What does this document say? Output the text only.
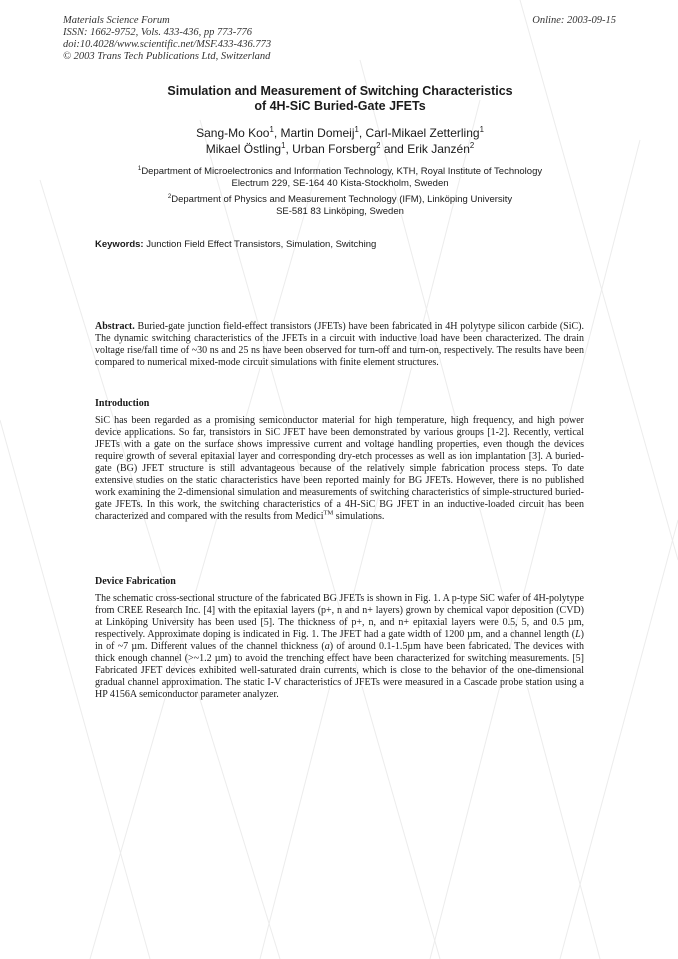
Materials Science Forum
ISSN: 1662-9752, Vols. 433-436, pp 773-776
doi:10.4028/www.scientific.net/MSF.433-436.773
© 2003 Trans Tech Publications Ltd, Switzerland
Online: 2003-09-15
Simulation and Measurement of Switching Characteristics
of 4H-SiC Buried-Gate JFETs
Sang-Mo Koo$^1$, Martin Domeij$^1$, Carl-Mikael Zetterling$^1$
Mikael Östling$^1$, Urban Forsberg$^2$ and Erik Janzén$^2$
$^1$Department of Microelectronics and Information Technology, KTH, Royal Institute of Technology
Electrum 229, SE-164 40 Kista-Stockholm, Sweden
$^2$Department of Physics and Measurement Technology (IFM), Linköping University
SE-581 83 Linköping, Sweden
Keywords: Junction Field Effect Transistors, Simulation, Switching
Abstract. Buried-gate junction field-effect transistors (JFETs) have been fabricated in 4H polytype silicon carbide (SiC). The dynamic switching characteristics of the JFETs in a circuit with inductive load have been characterized. The drain voltage rise/fall time of ~30 ns and 25 ns have been observed for turn-off and turn-on, respectively. The results have been compared to numerical mixed-mode circuit simulations with finite element structures.
Introduction
SiC has been regarded as a promising semiconductor material for high temperature, high frequency, and high power device applications. So far, transistors in SiC JFET have been demonstrated by various groups [1-2]. Recently, vertical JFETs with a gate on the surface shows impressive current and voltage handling properties, even though the devices require growth of several epitaxial layer and corresponding dry-etch processes as well as ion implantation [3]. A buried-gate (BG) JFET structure is still advantageous because of the relatively simple fabrication process steps. To date extensive studies on the static characteristics have been reported mainly for BG JFETs. However, there is no published work examining the 2-dimensional simulation and measurements of switching characteristics of simple-structured buried-gate JFETs. In this work, the switching characteristics of a 4H-SiC BG JFET in an inductive-loaded circuit has been characterized and compared with the results from Medici™ simulations.
Device Fabrication
The schematic cross-sectional structure of the fabricated BG JFETs is shown in Fig. 1. A p-type SiC wafer of 4H-polytype from CREE Research Inc. [4] with the epitaxial layers (p+, n and n+ layers) grown by chemical vapor deposition (CVD) at Linköping University has been used [5]. The thickness of p+, n, and n+ epitaxial layers were 0.5, 5, and 0.5 µm, respectively. Approximate doping is indicated in Fig. 1. The JFET had a gate width of 1200 µm, and a channel length (L) in of ~7 µm. Different values of the channel thickness (a) of around 0.1-1.5µm have been fabricated. The devices with thick enough channel (>~1.2 µm) to avoid the trenching effect have been characterized for switching measurements. [5] Fabricated JFET devices exhibited well-saturated drain currents, which is close to the behavior of the one-dimensional gradual channel approximation. The static I-V characteristics of JFETs were measured in a Cascade probe station using a HP 4156A semiconductor parameter analyzer.
